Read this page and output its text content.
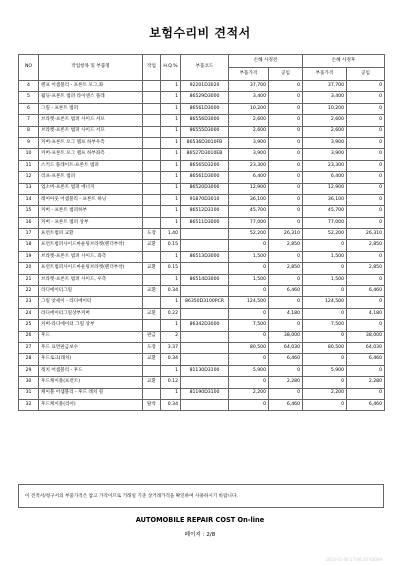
보험수리비 견적서
NO	작업항목 및 부품명	작업	H.Q.%	부품코드	손해 사정전		손해 사정후	
					부품가격	공임	부품가격	공임
4	랜프 어셈블리 - 프론트 포그,좌		1	92201D3020	37,700	0	37,700	0
5	월딩-프론트 범퍼 라이센스 플레		1	86529D3000	3,400	0	3,400	0
6	그릴 - 프론트 범퍼		1	86561D3000	10,200	0	10,200	0
7	브라켓-프론트 범퍼 사이드 서포		1	86556D3000	2,600	0	2,600	0
8	브라켓-프론트 범퍼 사이드 서포		1	86555D3000	2,600	0	2,600	0
9	커버-프론트 포그 램프 하부우측		1	86536D3010FB	3,900	0	3,900	0
10	커버-프론트 포그 램프 하부좌측		1	86527D3010EB	3,900	0	3,900	0
11	스키드 플레이트-프론트 범퍼		1	86565D3200	23,300	0	23,300	0
12	리프-프론트 범퍼		1	86561D3000	6,400	0	6,400	0
13	업소버-프론트 범퍼 에너지		1	86520D3000	12,900	0	12,900	0
14	레이아웃 어셈블리 - 프론트 하닝		1	91870D3010	36,100	0	36,100	0
15	커버 - 프론트 범퍼하부		1	86512D3100	45,700	0	45,700	0
16	커버 - 프론트 범퍼 상부		1	86511D3000	77,000	0	77,000	0
17	프런트범퍼 교환	도장	1.40		52,200	26,310	52,200	26,310
18	프런트범퍼사이드마운팅브라켓(펜더부착)	교환	0.15		0	2,850	0	2,850
19	브라켓-프론트 범퍼 사이드, 좌측		1	86513D3000	1,500	0	1,500	0
20	프런트범퍼사이드마운팅브라켓(펜더부착)	교환	0.15		0	2,850	0	2,850
21	브라켓-프론트 범퍼 사이드, 우측		1	86514D3000	1,500	0	1,500	0
22	라디에이터그릴	교환	0.34		0	6,460	0	6,460
23	그릴 앗세이 - 라디에이터		1	86350D3100PCR	124,500	0	124,500	0
24	라디에이터그릴상부커버	교환	0.22		0	4,180	0	4,180
25	커버-라디에이터 그릴 상부		1	86342D3000	7,500	0	7,500	0
26	후드	판금	2		0	38,000	0	38,000
27	후드 표면판금보수	도장	3.37		80,500	64,030	80,500	64,030
28	후드로크(래치)	교환	0.34		0	6,460	0	6,460
29	래치 어셈블리 - 후드		1	81130D3100	5,900	0	5,900	0
30	후드케이블(프런트)	교환	0.12		0	2,280	0	2,280
31	케이블 어셈블리 - 후드 래치 릴		1	81190D3100	2,200	0	2,200	0
32	후드케이블(리어)	탈착	0.34		0	6,460	0	6,460
이 견적서/청구서의 부품가격은 참고 가격이므로 거래일 기준 상거래가격을 확인하여 사용하시기 바랍니다.
AUTOMOBILE REPAIR COST On-line
페이지 : 2/8
2023-01-06 17:06:10 K0099
